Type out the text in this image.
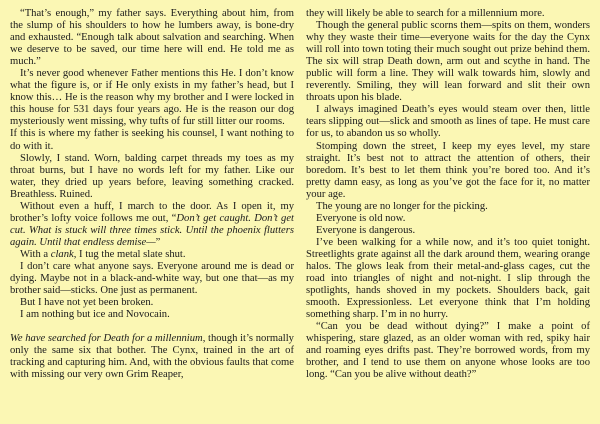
“That’s enough,” my father says. Everything about him, from the slump of his shoulders to how he lumbers away, is bone-dry and exhausted. “Enough talk about salvation and searching. When we deserve to be saved, our time here will end. He told me as much.”

It’s never good whenever Father mentions this He. I don’t know what the figure is, or if He only exists in my father’s head, but I know this… He is the reason why my brother and I were locked in this house for 531 days four years ago. He is the reason our dog mysteriously went missing, why tufts of fur still litter our rooms.

If this is where my father is seeking his counsel, I want nothing to do with it.

Slowly, I stand. Worn, balding carpet threads my toes as my throat burns, but I have no words left for my father. Like our water, they dried up years before, leaving something cracked. Breathless. Ruined.

Without even a huff, I march to the door. As I open it, my brother’s lofty voice follows me out, “Don’t get caught. Don’t get cut. What is stuck will three times stick. Until the phoenix flutters again. Until that endless demise—”

With a clank, I tug the metal slate shut.

I don’t care what anyone says. Everyone around me is dead or dying. Maybe not in a black-and-white way, but one that—as my brother said—sticks. One just as permanent.

But I have not yet been broken.

I am nothing but ice and Novocain.

We have searched for Death for a millennium, though it’s normally only the same six that bother. The Cynx, trained in the art of tracking and capturing him. And, with the obvious faults that come with missing our very own Grim Reaper,

they will likely be able to search for a millennium more.

Though the general public scorns them—spits on them, wonders why they waste their time—everyone waits for the day the Cynx will roll into town toting their much sought out prize behind them. The six will strap Death down, arm out and scythe in hand. The public will form a line. They will walk towards him, slowly and reverently. Smiling, they will lean forward and slit their own throats upon his blade.

I always imagined Death’s eyes would steam over then, little tears slipping out—slick and smooth as lines of tape. He must care for us, to abandon us so wholly.

Stomping down the street, I keep my eyes level, my stare straight. It’s best not to attract the attention of others, their boredom. It’s best to let them think you’re bored too. And it’s pretty damn easy, as long as you’ve got the face for it, no matter your age.

The young are no longer for the picking.

Everyone is old now.

Everyone is dangerous.

I’ve been walking for a while now, and it’s too quiet tonight. Streetlights grate against all the dark around them, wearing orange halos. The glows leak from their metal-and-glass cages, cut the road into triangles of night and not-night. I slip through the spotlights, hands shoved in my pockets. Shoulders back, gait smooth. Expressionless. Let everyone think that I’m holding something sharp. I’m in no hurry.

“Can you be dead without dying?” I make a point of whispering, stare glazed, as an older woman with red, spiky hair and roaming eyes drifts past. They’re borrowed words, from my brother, and I tend to use them on anyone whose looks are too long. “Can you be alive without death?”
